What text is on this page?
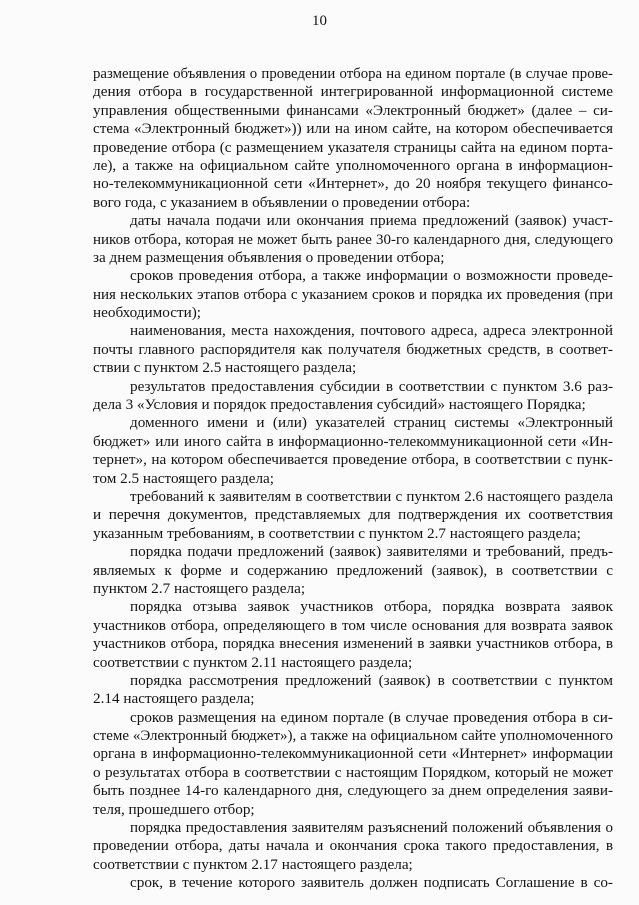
10
размещение объявления о проведении отбора на едином портале (в случае прове-
дения отбора в государственной интегрированной информационной системе
управления общественными финансами «Электронный бюджет» (далее – си-
стема «Электронный бюджет»)) или на ином сайте, на котором обеспечивается
проведение отбора (с размещением указателя страницы сайта на едином порта-
ле), а также на официальном сайте уполномоченного органа в информацион-
но-телекоммуникационной сети «Интернет», до 20 ноября текущего финансо-
вого года, с указанием в объявлении о проведении отбора:
даты начала подачи или окончания приема предложений (заявок) участ-
ников отбора, которая не может быть ранее 30-го календарного дня, следующего
за днем размещения объявления о проведении отбора;
сроков проведения отбора, а также информации о возможности проведе-
ния нескольких этапов отбора с указанием сроков и порядка их проведения (при
необходимости);
наименования, места нахождения, почтового адреса, адреса электронной
почты главного распорядителя как получателя бюджетных средств, в соответ-
ствии с пунктом 2.5 настоящего раздела;
результатов предоставления субсидии в соответствии с пунктом 3.6 раз-
дела 3 «Условия и порядок предоставления субсидий» настоящего Порядка;
доменного имени и (или) указателей страниц системы «Электронный
бюджет» или иного сайта в информационно-телекоммуникационной сети «Ин-
тернет», на котором обеспечивается проведение отбора, в соответствии с пунк-
том 2.5 настоящего раздела;
требований к заявителям в соответствии с пунктом 2.6 настоящего раздела
и перечня документов, представляемых для подтверждения их соответствия
указанным требованиям, в соответствии с пунктом 2.7 настоящего раздела;
порядка подачи предложений (заявок) заявителями и требований, предъ-
являемых к форме и содержанию предложений (заявок), в соответствии с
пунктом 2.7 настоящего раздела;
порядка отзыва заявок участников отбора, порядка возврата заявок
участников отбора, определяющего в том числе основания для возврата заявок
участников отбора, порядка внесения изменений в заявки участников отбора, в
соответствии с пунктом 2.11 настоящего раздела;
порядка рассмотрения предложений (заявок) в соответствии с пунктом
2.14 настоящего раздела;
сроков размещения на едином портале (в случае проведения отбора в си-
стеме «Электронный бюджет»), а также на официальном сайте уполномоченного
органа в информационно-телекоммуникационной сети «Интернет» информации
о результатах отбора в соответствии с настоящим Порядком, который не может
быть позднее 14-го календарного дня, следующего за днем определения заяви-
теля, прошедшего отбор;
порядка предоставления заявителям разъяснений положений объявления о
проведении отбора, даты начала и окончания срока такого предоставления, в
соответствии с пунктом 2.17 настоящего раздела;
срок, в течение которого заявитель должен подписать Соглашение в со-
